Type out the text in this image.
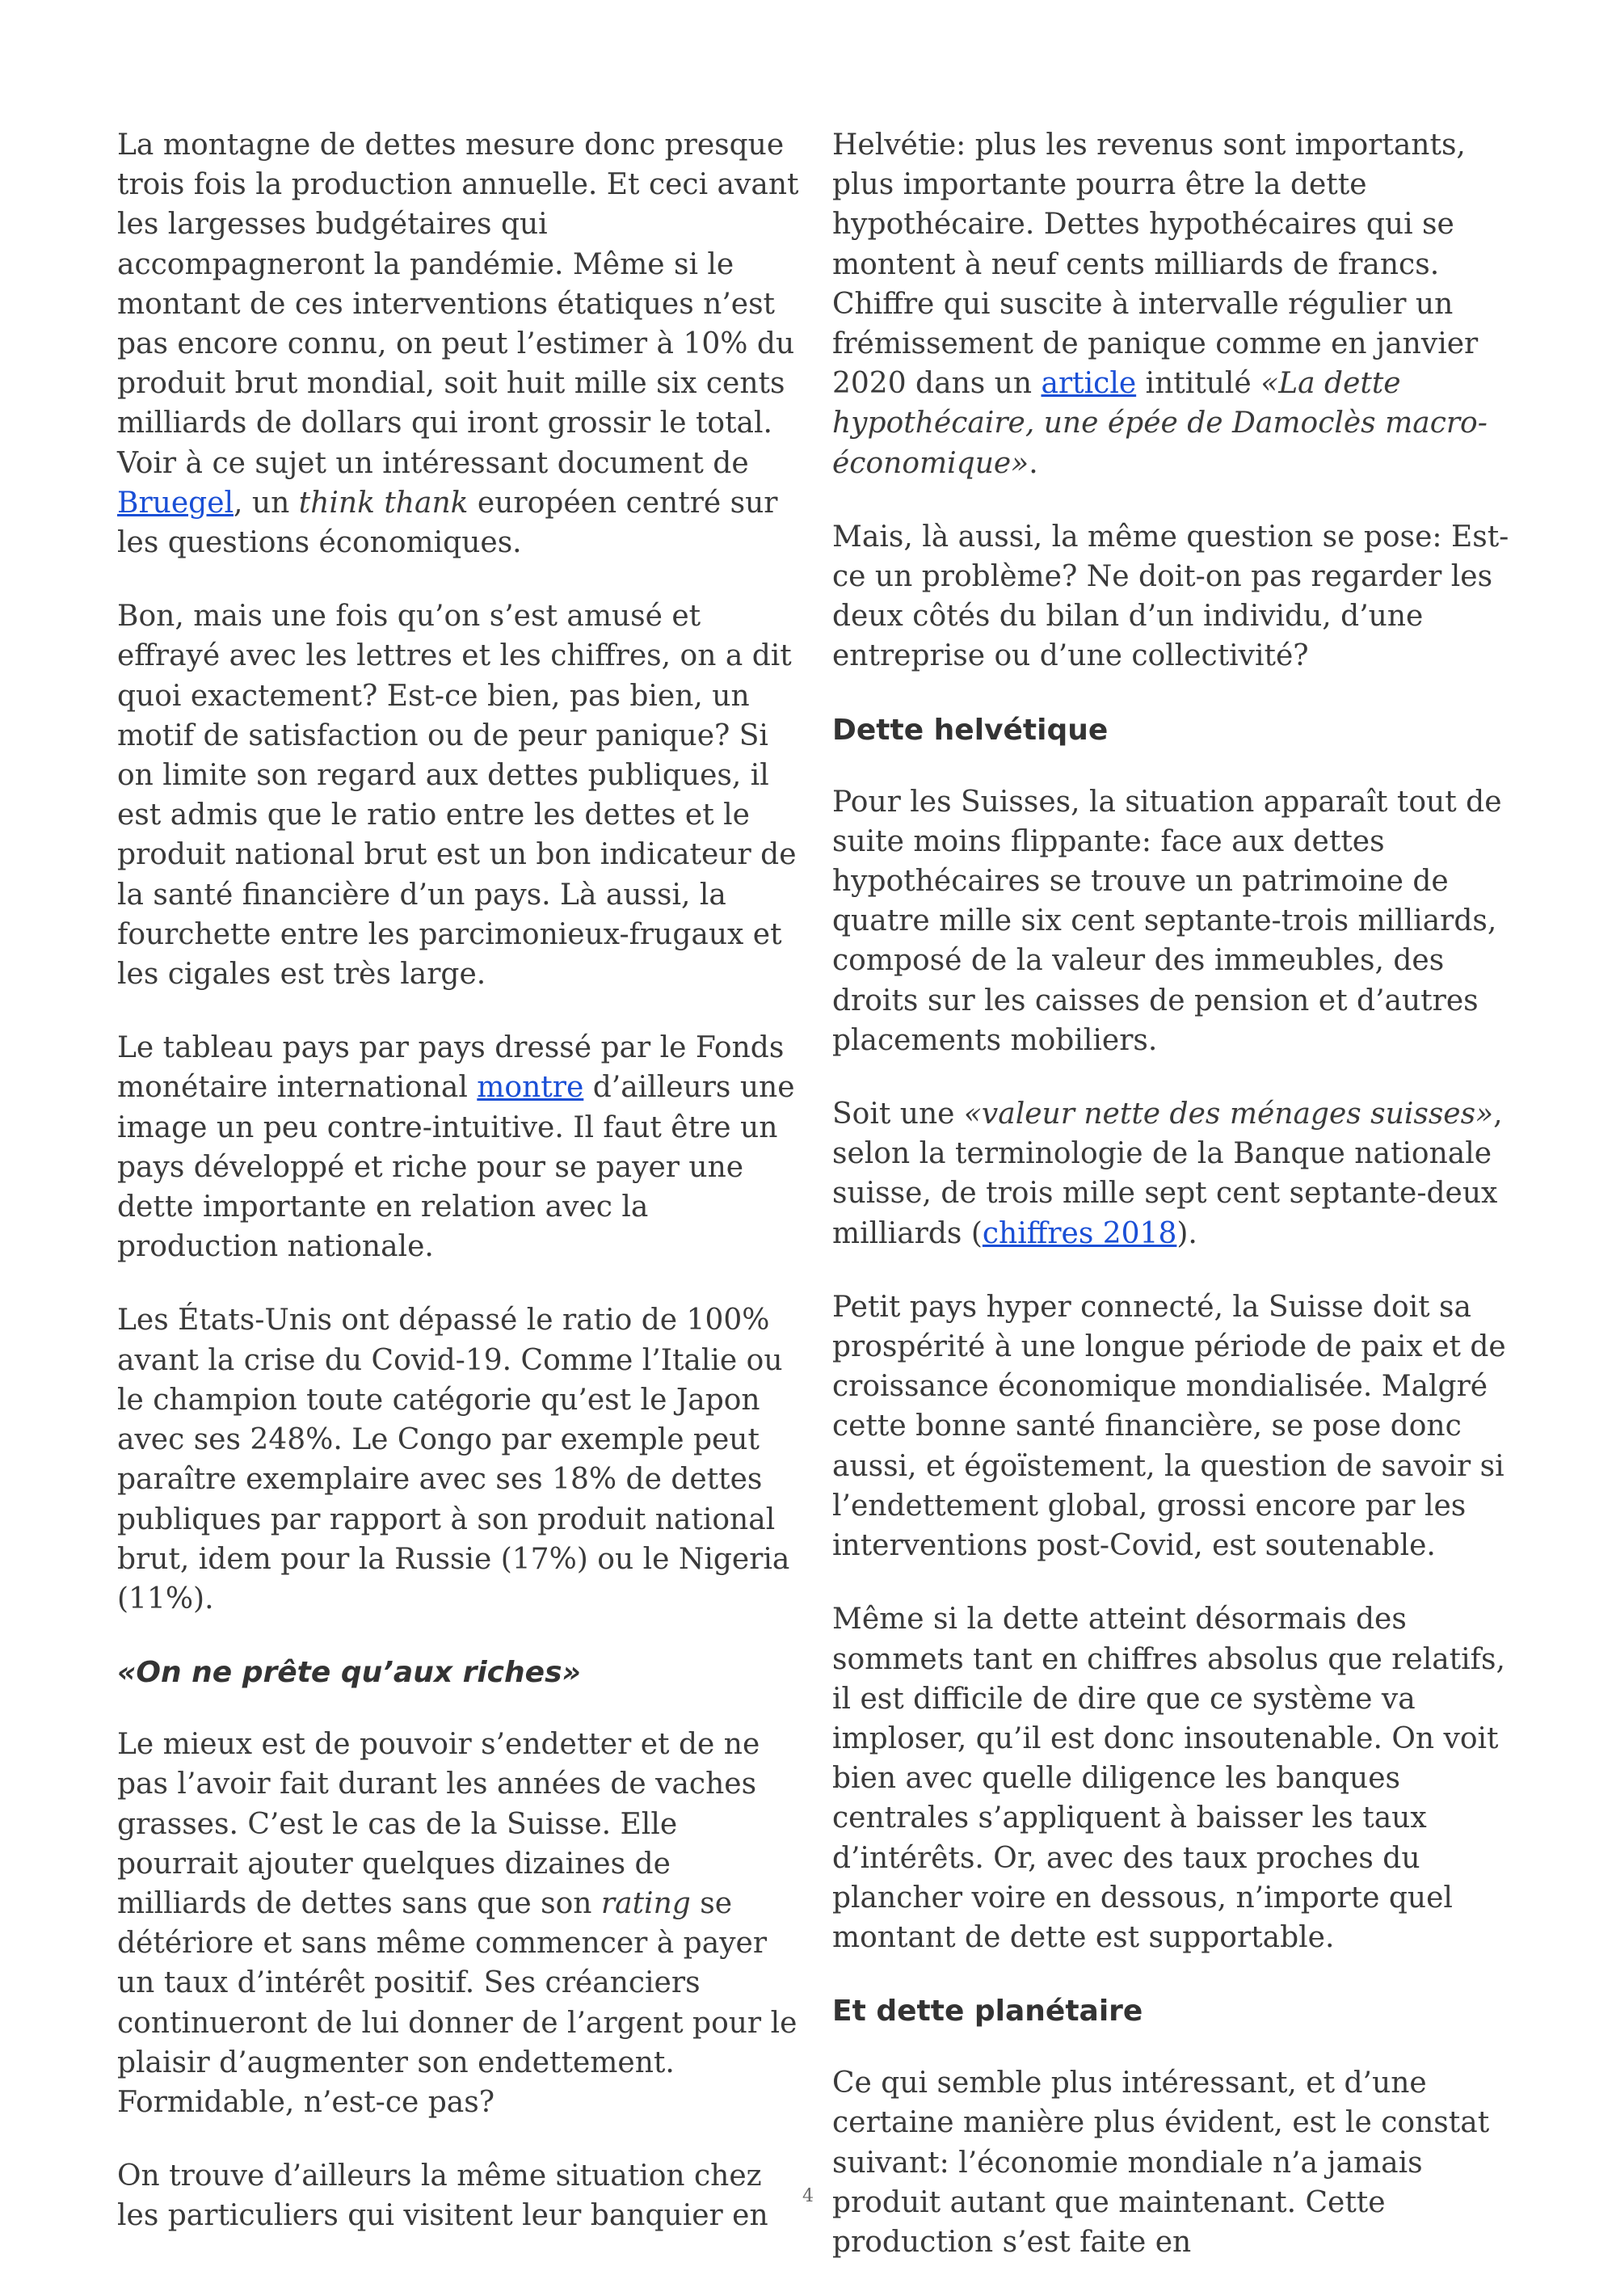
La montagne de dettes mesure donc presque trois fois la production annuelle. Et ceci avant les largesses budgétaires qui accompagneront la pandémie. Même si le montant de ces interventions étatiques n’est pas encore connu, on peut l’estimer à 10% du produit brut mondial, soit huit mille six cents milliards de dollars qui iront grossir le total. Voir à ce sujet un intéressant document de Bruegel, un think thank européen centré sur les questions économiques.

Bon, mais une fois qu’on s’est amusé et effrayé avec les lettres et les chiffres, on a dit quoi exactement? Est-ce bien, pas bien, un motif de satisfaction ou de peur panique? Si on limite son regard aux dettes publiques, il est admis que le ratio entre les dettes et le produit national brut est un bon indicateur de la santé financière d’un pays. Là aussi, la fourchette entre les parcimonieux-frugaux et les cigales est très large.

Le tableau pays par pays dressé par le Fonds monétaire international montre d’ailleurs une image un peu contre-intuitive. Il faut être un pays développé et riche pour se payer une dette importante en relation avec la production nationale.

Les États-Unis ont dépassé le ratio de 100% avant la crise du Covid-19. Comme l’Italie ou le champion toute catégorie qu’est le Japon avec ses 248%. Le Congo par exemple peut paraître exemplaire avec ses 18% de dettes publiques par rapport à son produit national brut, idem pour la Russie (17%) ou le Nigeria (11%).

«On ne prête qu’aux riches»

Le mieux est de pouvoir s’endetter et de ne pas l’avoir fait durant les années de vaches grasses. C’est le cas de la Suisse. Elle pourrait ajouter quelques dizaines de milliards de dettes sans que son rating se détériore et sans même commencer à payer un taux d’intérêt positif. Ses créanciers continueront de lui donner de l’argent pour le plaisir d’augmenter son endettement. Formidable, n’est-ce pas?

On trouve d’ailleurs la même situation chez les particuliers qui visitent leur banquier en

Helvétie: plus les revenus sont importants, plus importante pourra être la dette hypothécaire. Dettes hypothécaires qui se montent à neuf cents milliards de francs. Chiffre qui suscite à intervalle régulier un frémissement de panique comme en janvier 2020 dans un article intitulé «La dette hypothécaire, une épée de Damoclès macro-économique».

Mais, là aussi, la même question se pose: Est-ce un problème? Ne doit-on pas regarder les deux côtés du bilan d’un individu, d’une entreprise ou d’une collectivité?

Dette helvétique

Pour les Suisses, la situation apparaît tout de suite moins flippante: face aux dettes hypothécaires se trouve un patrimoine de quatre mille six cent septante-trois milliards, composé de la valeur des immeubles, des droits sur les caisses de pension et d’autres placements mobiliers.

Soit une «valeur nette des ménages suisses», selon la terminologie de la Banque nationale suisse, de trois mille sept cent septante-deux milliards (chiffres 2018).

Petit pays hyper connecté, la Suisse doit sa prospérité à une longue période de paix et de croissance économique mondialisée. Malgré cette bonne santé financière, se pose donc aussi, et égoïstement, la question de savoir si l’endettement global, grossi encore par les interventions post-Covid, est soutenable.

Même si la dette atteint désormais des sommets tant en chiffres absolus que relatifs, il est difficile de dire que ce système va imploser, qu’il est donc insoutenable. On voit bien avec quelle diligence les banques centrales s’appliquent à baisser les taux d’intérêts. Or, avec des taux proches du plancher voire en dessous, n’importe quel montant de dette est supportable.

Et dette planétaire

Ce qui semble plus intéressant, et d’une certaine manière plus évident, est le constat suivant: l’économie mondiale n’a jamais produit autant que maintenant. Cette production s’est faite en

4
